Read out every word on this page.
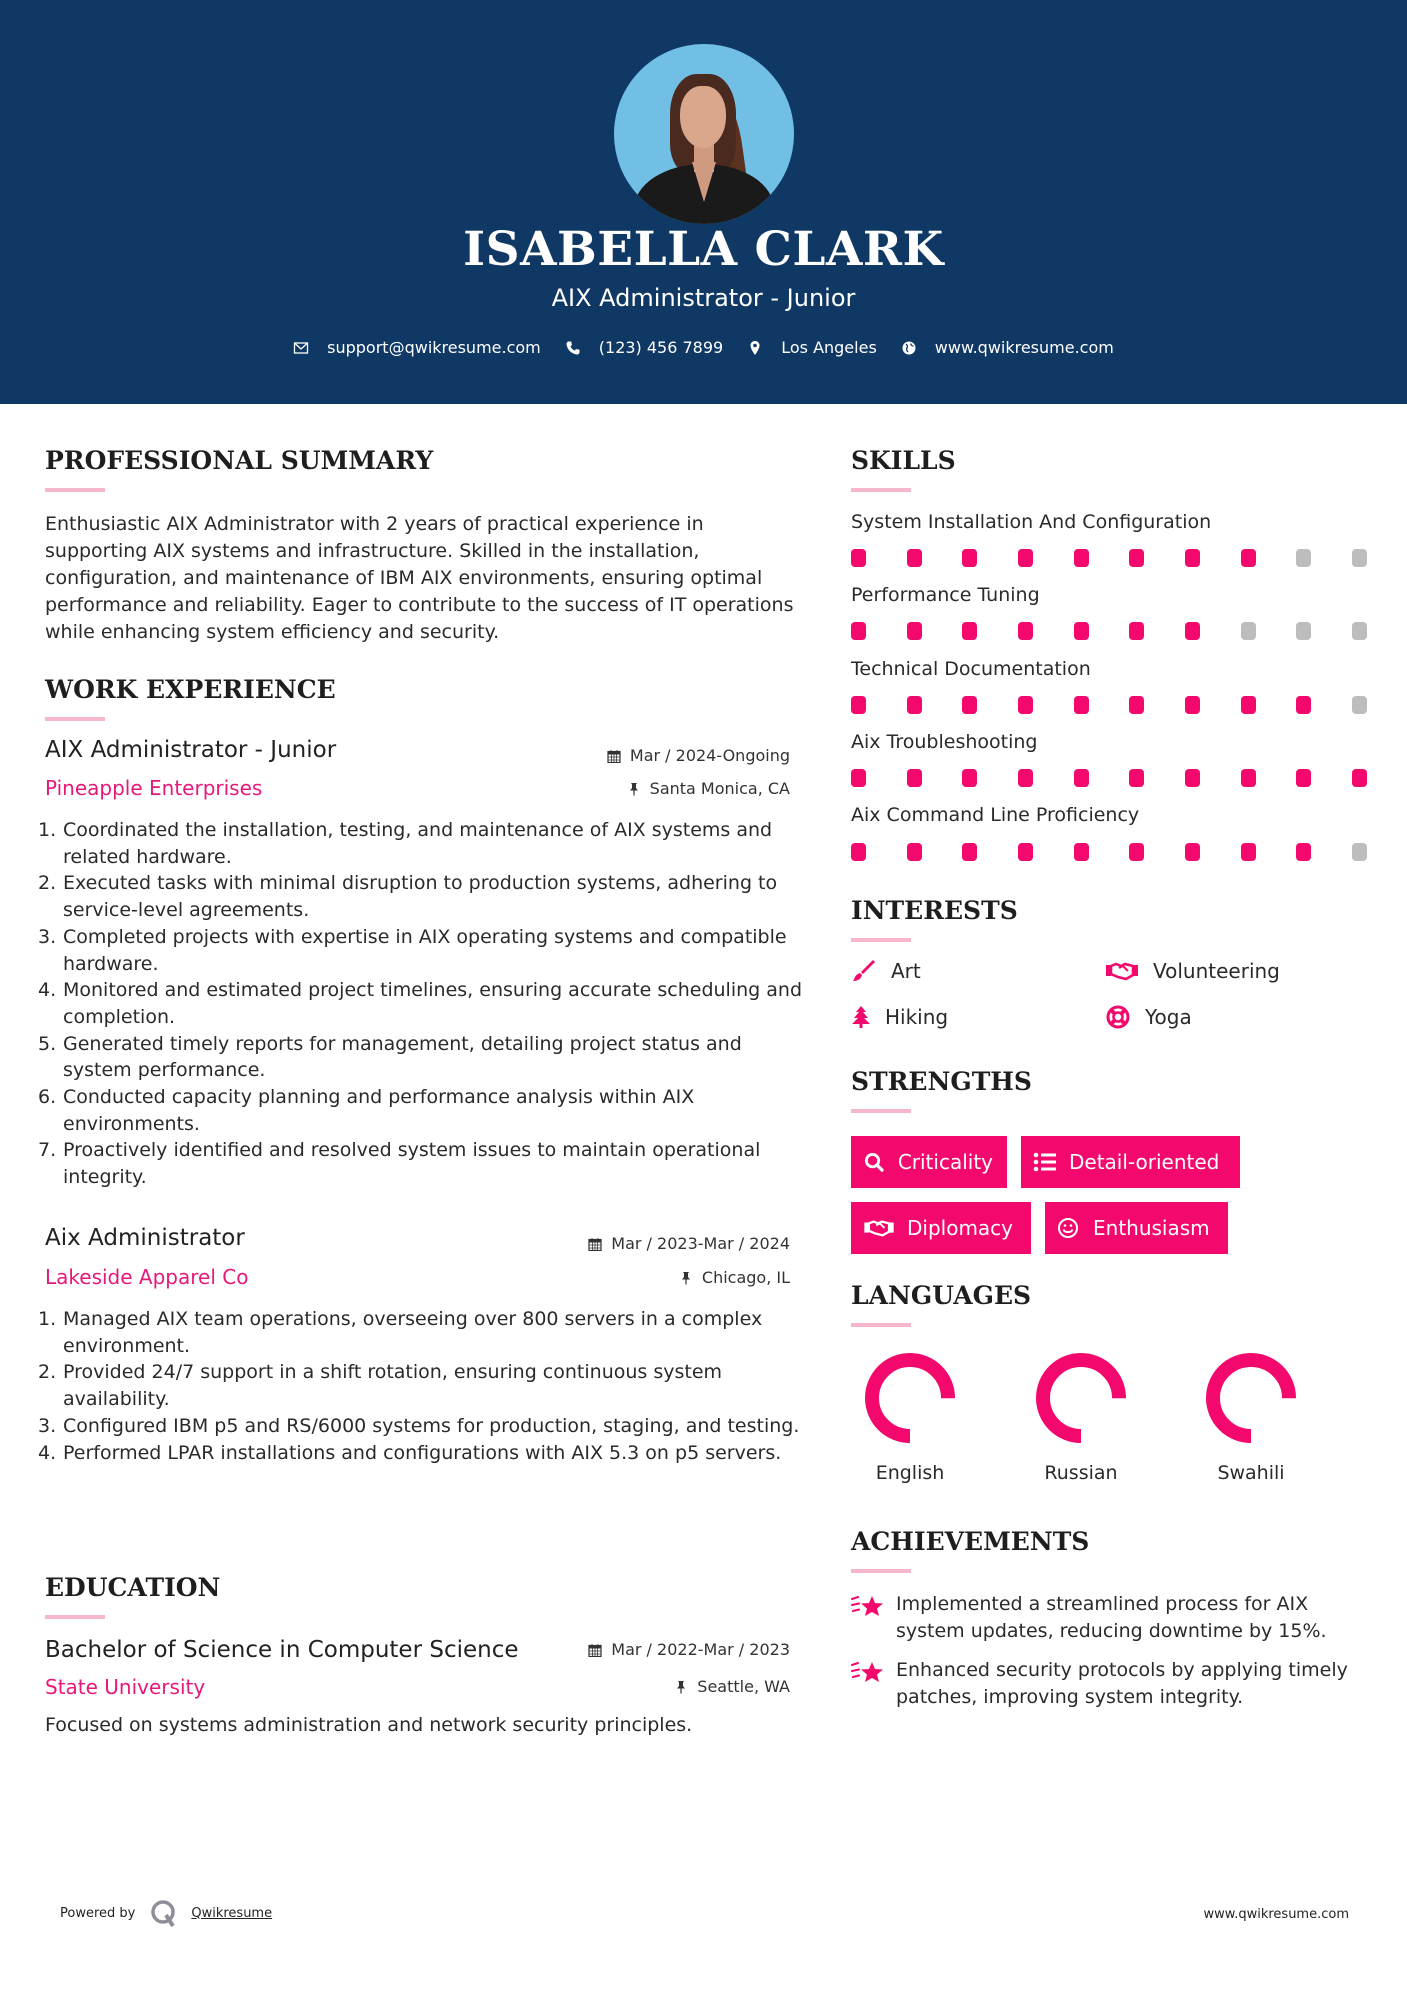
ISABELLA CLARK
AIX Administrator - Junior
support@qwikresume.com	(123) 456 7899	Los Angeles	www.qwikresume.com
PROFESSIONAL SUMMARY
Enthusiastic AIX Administrator with 2 years of practical experience in supporting AIX systems and infrastructure. Skilled in the installation, configuration, and maintenance of IBM AIX environments, ensuring optimal performance and reliability. Eager to contribute to the success of IT operations while enhancing system efficiency and security.
WORK EXPERIENCE
AIX Administrator - Junior	Mar / 2024-Ongoing
Pineapple Enterprises	Santa Monica, CA
1. Coordinated the installation, testing, and maintenance of AIX systems and related hardware.
2. Executed tasks with minimal disruption to production systems, adhering to service-level agreements.
3. Completed projects with expertise in AIX operating systems and compatible hardware.
4. Monitored and estimated project timelines, ensuring accurate scheduling and completion.
5. Generated timely reports for management, detailing project status and system performance.
6. Conducted capacity planning and performance analysis within AIX environments.
7. Proactively identified and resolved system issues to maintain operational integrity.
Aix Administrator	Mar / 2023-Mar / 2024
Lakeside Apparel Co	Chicago, IL
1. Managed AIX team operations, overseeing over 800 servers in a complex environment.
2. Provided 24/7 support in a shift rotation, ensuring continuous system availability.
3. Configured IBM p5 and RS/6000 systems for production, staging, and testing.
4. Performed LPAR installations and configurations with AIX 5.3 on p5 servers.
EDUCATION
Bachelor of Science in Computer Science	Mar / 2022-Mar / 2023
State University	Seattle, WA
Focused on systems administration and network security principles.
SKILLS
System Installation And Configuration
Performance Tuning
Technical Documentation
Aix Troubleshooting
Aix Command Line Proficiency
INTERESTS
Art	Volunteering
Hiking	Yoga
STRENGTHS
Criticality	Detail-oriented
Diplomacy	Enthusiasm
LANGUAGES
English	Russian	Swahili
ACHIEVEMENTS
Implemented a streamlined process for AIX system updates, reducing downtime by 15%.
Enhanced security protocols by applying timely patches, improving system integrity.
Powered by	Qwikresume	www.qwikresume.com
